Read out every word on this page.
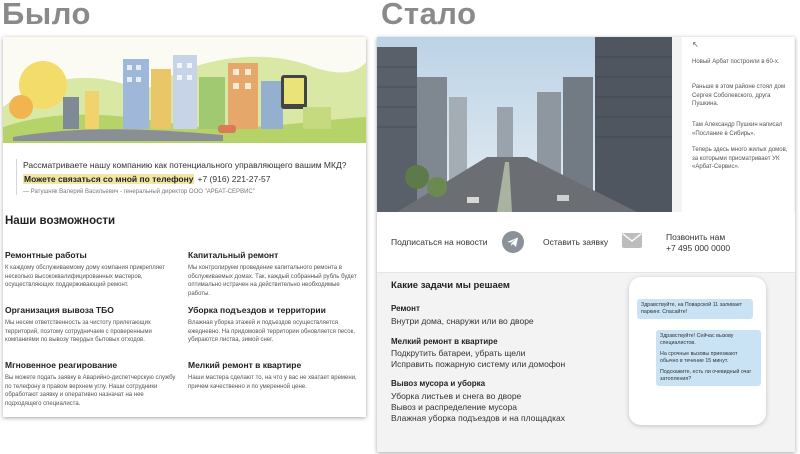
Было	Стало
Рассматриваете нашу компанию как потенциального управляющего вашим МКД?
Можете связаться со мной по телефону +7 (916) 221-27-57
— Ратушняк Валерий Васильевич - генеральный директор ООО "АРБАТ-СЕРВИС"
Наши возможности
Ремонтные работы
К каждому обслуживаемому дому компания прикрепляет несколько высококвалифицированных мастеров, осуществляющих поддерживающий ремонт.
Капитальный ремонт
Мы контролируем проведение капитального ремонта в обслуживаемых домах. Так, каждый собранный рубль будет оптимально истрачен на действительно необходимые работы.
Организация вывоза ТБО
Мы несем ответственность за чистоту прилегающих территорий, поэтому сотрудничаем с проверенными компаниями по вывозу твердых бытовых отходов.
Уборка подъездов и территории
Влажная уборка этажей и подъездов осуществляется ежедневно. На придомовой территории обновляется песок, убираются листва, зимой снег.
Мгновенное реагирование
Вы можете подать заявку в Аварийно-диспетчерскую службу по телефону в правом верхнем углу. Наши сотрудники обработают заявку и оперативно назначат на нее подходящего специалиста.
Мелкий ремонт в квартире
Наши мастера сделают то, на что у вас не хватает времени, причем качественно и по умеренной цене.
↖
Новый Арбат построили в 60-х.
Раньше в этом районе стоял дом Сергея Соболевского, друга Пушкина.
Там Александр Пушкин написал «Послание в Сибирь».
Теперь здесь много жилых домов, за которыми присматривает УК «Арбат-Сервис».
Подписаться на новости	Оставить заявку	Позвонить нам
+7 495 000 0000
Какие задачи мы решаем
Ремонт
Внутри дома, снаружи или во дворе
Мелкий ремонт в квартире
Подкрутить батареи, убрать щели
Исправить пожарную систему или домофон
Вывоз мусора и уборка
Уборка листьев и снега во дворе
Вывоз и распределение мусора
Влажная уборка подъездов и на площадках
Здравствуйте, на Поварской 11 заливает паркинг. Спасайте!
Здравствуйте! Сейчас вызову специалистов.
На срочные вызовы приезжают обычно в течение 15 минут.
Подскажите, есть ли очевидный очаг затопления?
